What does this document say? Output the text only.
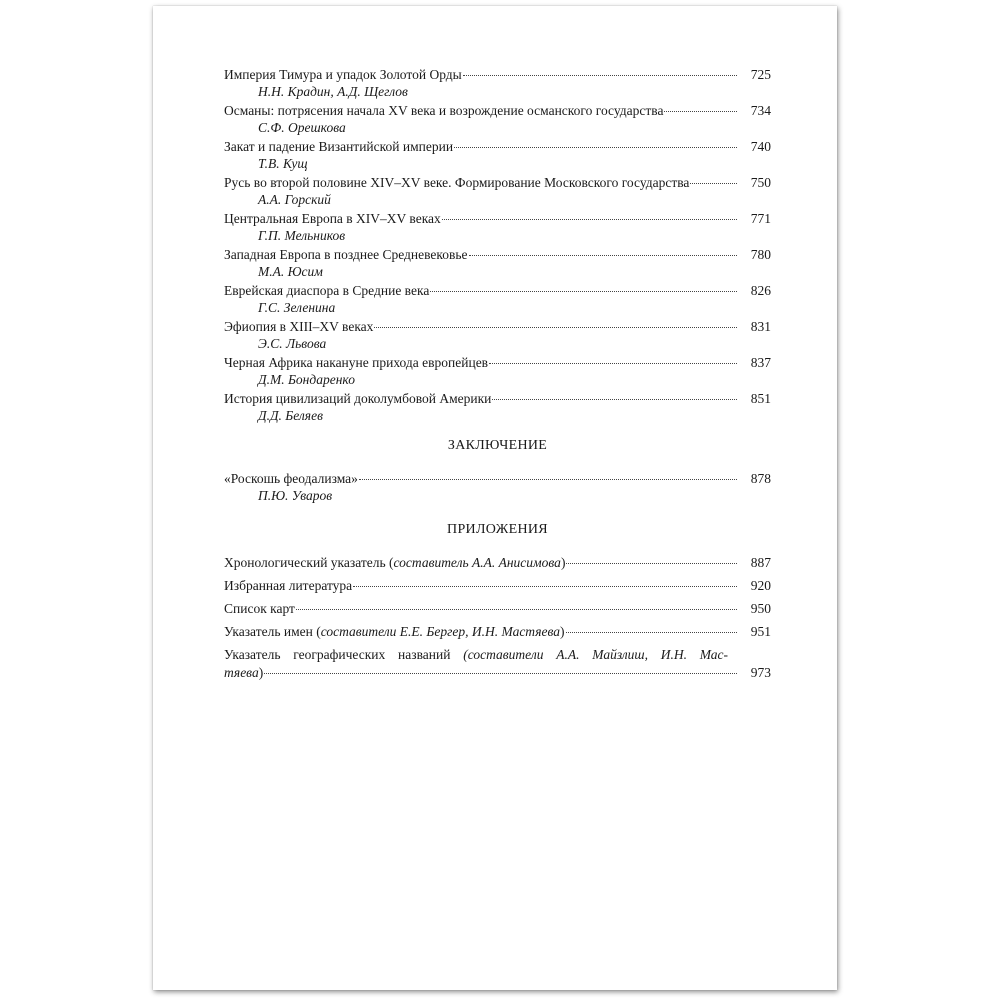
Империя Тимура и упадок Золотой Орды	725
Н.Н. Крадин, А.Д. Щеглов
Османы: потрясения начала XV века и возрождение османского государства	734
С.Ф. Орешкова
Закат и падение Византийской империи	740
Т.В. Кущ
Русь во второй половине XIV–XV веке. Формирование Московского государства	750
А.А. Горский
Центральная Европа в XIV–XV веках	771
Г.П. Мельников
Западная Европа в позднее Средневековье	780
М.А. Юсим
Еврейская диаспора в Средние века	826
Г.С. Зеленина
Эфиопия в XIII–XV веках	831
Э.С. Львова
Черная Африка накануне прихода европейцев	837
Д.М. Бондаренко
История цивилизаций доколумбовой Америки	851
Д.Д. Беляев
ЗАКЛЮЧЕНИЕ
«Роскошь феодализма»	878
П.Ю. Уваров
ПРИЛОЖЕНИЯ
Хронологический указатель (составитель А.А. Анисимова)	887
Избранная литература	920
Список карт	950
Указатель имен (составители Е.Е. Бергер, И.Н. Мастяева)	951
Указатель географических названий (составители А.А. Майзлиш, И.Н. Мас-
тяева)	973
